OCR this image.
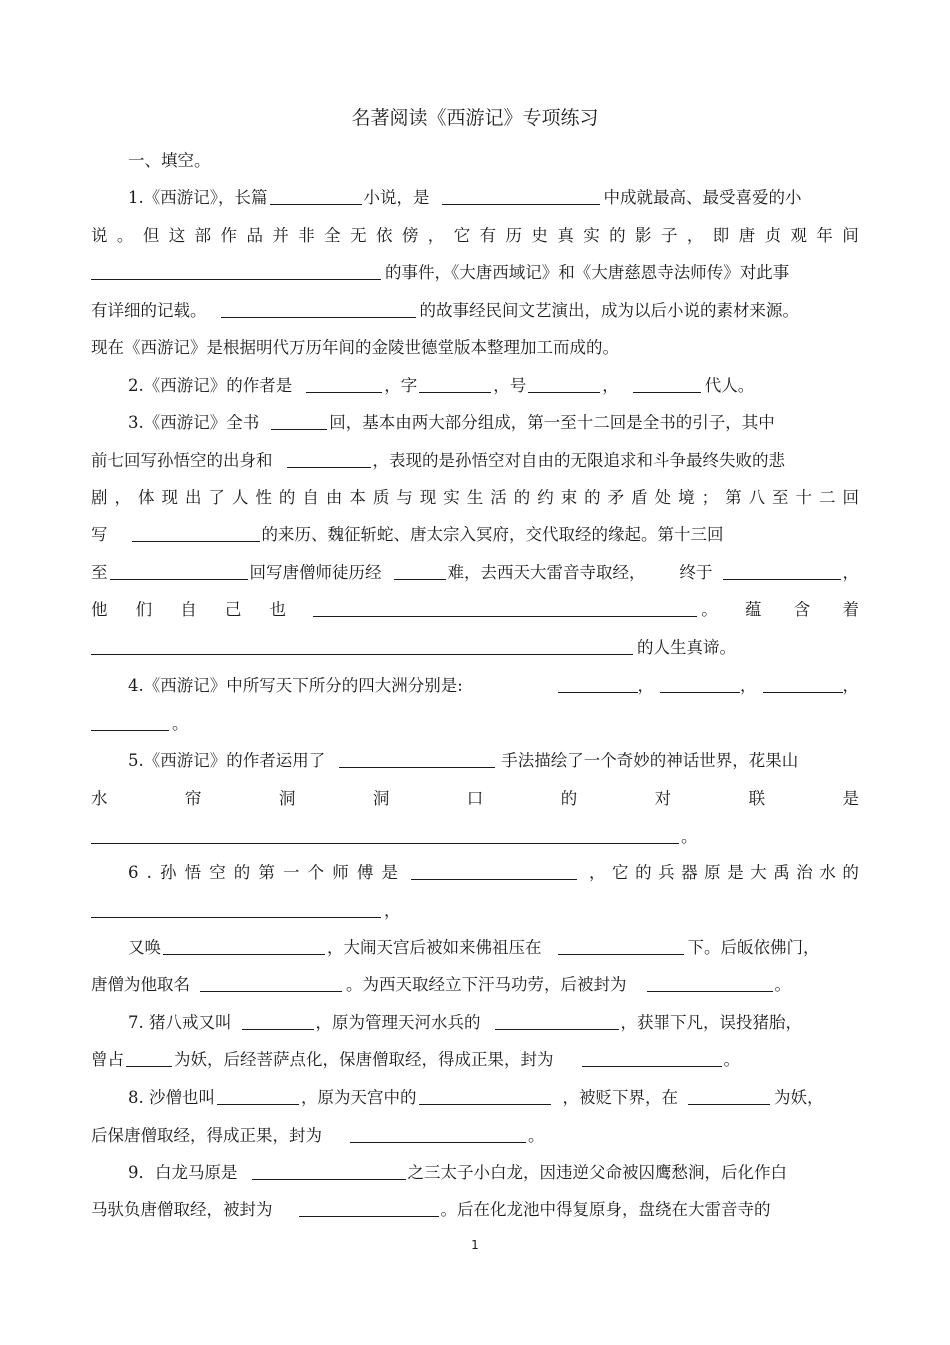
名著阅读《西游记》专项练习
一、填空。
1.《西游记》，长篇	小说，是	中成就最高、最受喜爱的小
说 。 但 这 部 作 品 并 非 全 无 依 傍 ， 它 有 历 史 真 实 的 影 子 ， 即 唐 贞 观 年 间
的事件，《大唐西域记》和《大唐慈恩寺法师传》对此事
有详细的记载。	的故事经民间文艺演出，成为以后小说的素材来源。
现在《西游记》是根据明代万历年间的金陵世德堂版本整理加工而成的。
2.《西游记》的作者是	，字	，号	，	代人。
3.《西游记》全书	回，基本由两大部分组成，第一至十二回是全书的引子，其中
前七回写孙悟空的出身和	，表现的是孙悟空对自由的无限追求和斗争最终失败的悲
剧 ， 体 现 出 了 人 性 的 自 由 本 质 与 现 实 生 活 的 约 束 的 矛 盾 处 境 ； 第 八 至 十 二 回
写	的来历、魏征斩蛇、唐太宗入冥府，交代取经的缘起。第十三回
至	回写唐僧师徒历经	难，去西天大雷音寺取经， 终于	，
他 们 自 己 也	。 蕴 含 着
的人生真谛。
4.《西游记》中所写天下所分的四大洲分别是:	，	，	，
。
5.《西游记》的作者运用了	手法描绘了一个奇妙的神话世界，花果山
水	帘	洞	洞	口	的	对	联	是
。
6 . 孙 悟 空 的 第 一 个 师 傅 是	， 它 的 兵 器 原 是 大 禹 治 水 的
，
又唤	，大闹天宫后被如来佛祖压在	下。后皈依佛门，
唐僧为他取名	。为西天取经立下汗马功劳，后被封为	。
7. 猪八戒又叫	，原为管理天河水兵的	，获罪下凡，误投猪胎，
曾占	为妖，后经菩萨点化，保唐僧取经，得成正果，封为	。
8. 沙僧也叫	，原为天宫中的	，被贬下界，在	为妖，
后保唐僧取经，得成正果，封为	。
9．白龙马原是	之三太子小白龙，因违逆父命被囚鹰愁涧，后化作白
马驮负唐僧取经，被封为	。后在化龙池中得复原身，盘绕在大雷音寺的
1
